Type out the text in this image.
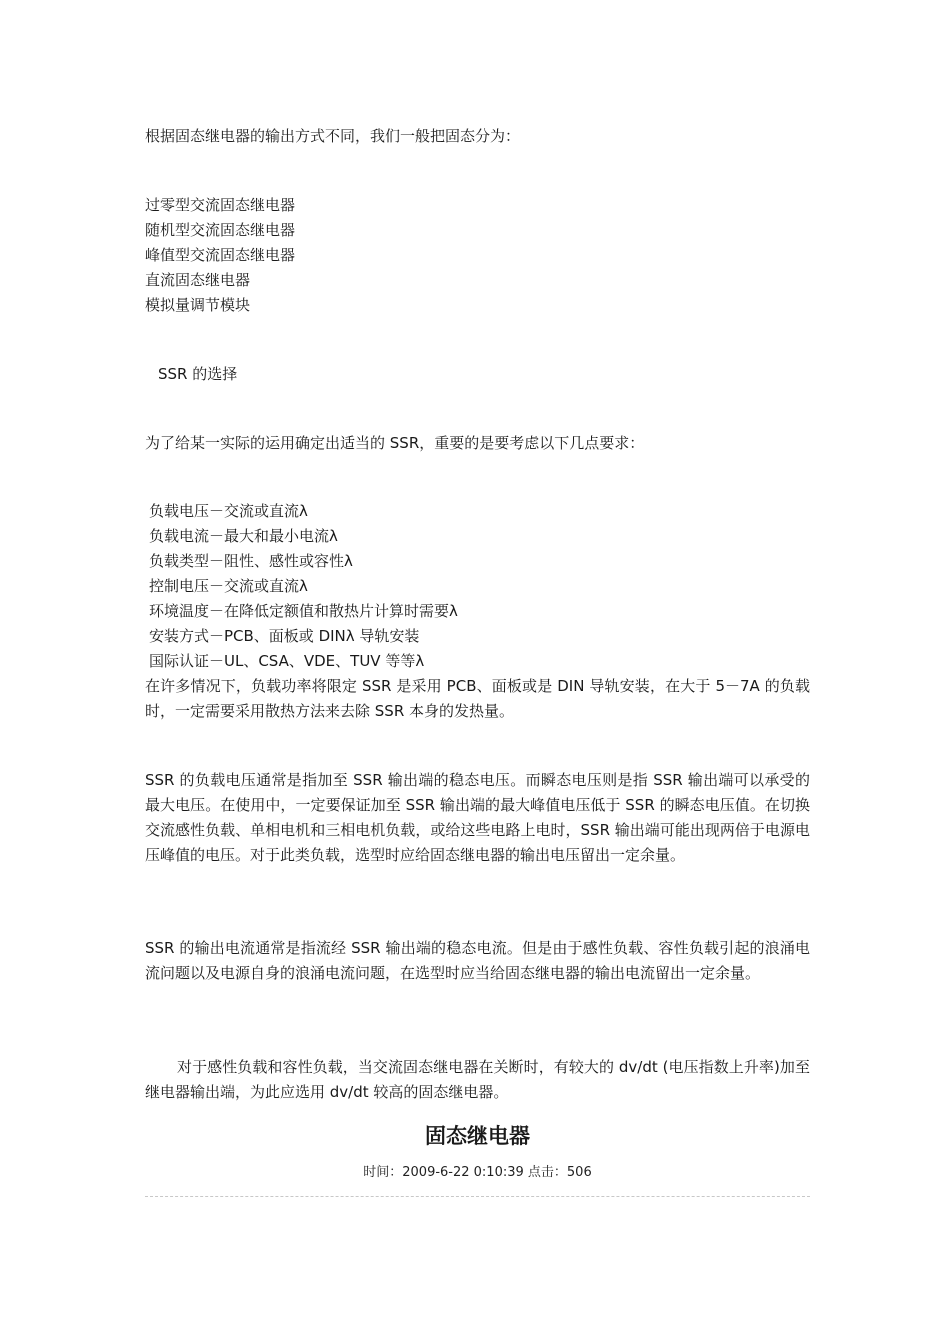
根据固态继电器的输出方式不同，我们一般把固态分为：
过零型交流固态继电器
随机型交流固态继电器
峰值型交流固态继电器
直流固态继电器
模拟量调节模块
SSR 的选择
为了给某一实际的运用确定出适当的 SSR，重要的是要考虑以下几点要求：
负载电压－交流或直流λ
负载电流－最大和最小电流λ
负载类型－阻性、感性或容性λ
控制电压－交流或直流λ
环境温度－在降低定额值和散热片计算时需要λ
安装方式－PCB、面板或 DINλ 导轨安装
国际认证－UL、CSA、VDE、TUV 等等λ
在许多情况下，负载功率将限定 SSR 是采用 PCB、面板或是 DIN 导轨安装，在大于 5－7A 的负载时，一定需要采用散热方法来去除 SSR 本身的发热量。
SSR 的负载电压通常是指加至 SSR 输出端的稳态电压。而瞬态电压则是指 SSR 输出端可以承受的最大电压。在使用中，一定要保证加至 SSR 输出端的最大峰值电压低于 SSR 的瞬态电压值。在切换交流感性负载、单相电机和三相电机负载，或给这些电路上电时，SSR 输出端可能出现两倍于电源电压峰值的电压。对于此类负载，选型时应给固态继电器的输出电压留出一定余量。
SSR 的输出电流通常是指流经 SSR 输出端的稳态电流。但是由于感性负载、容性负载引起的浪涌电流问题以及电源自身的浪涌电流问题，在选型时应当给固态继电器的输出电流留出一定余量。
对于感性负载和容性负载，当交流固态继电器在关断时，有较大的 dv/dt (电压指数上升率)加至继电器输出端，为此应选用 dv/dt 较高的固态继电器。
固态继电器
时间：2009-6-22 0:10:39 点击：506
